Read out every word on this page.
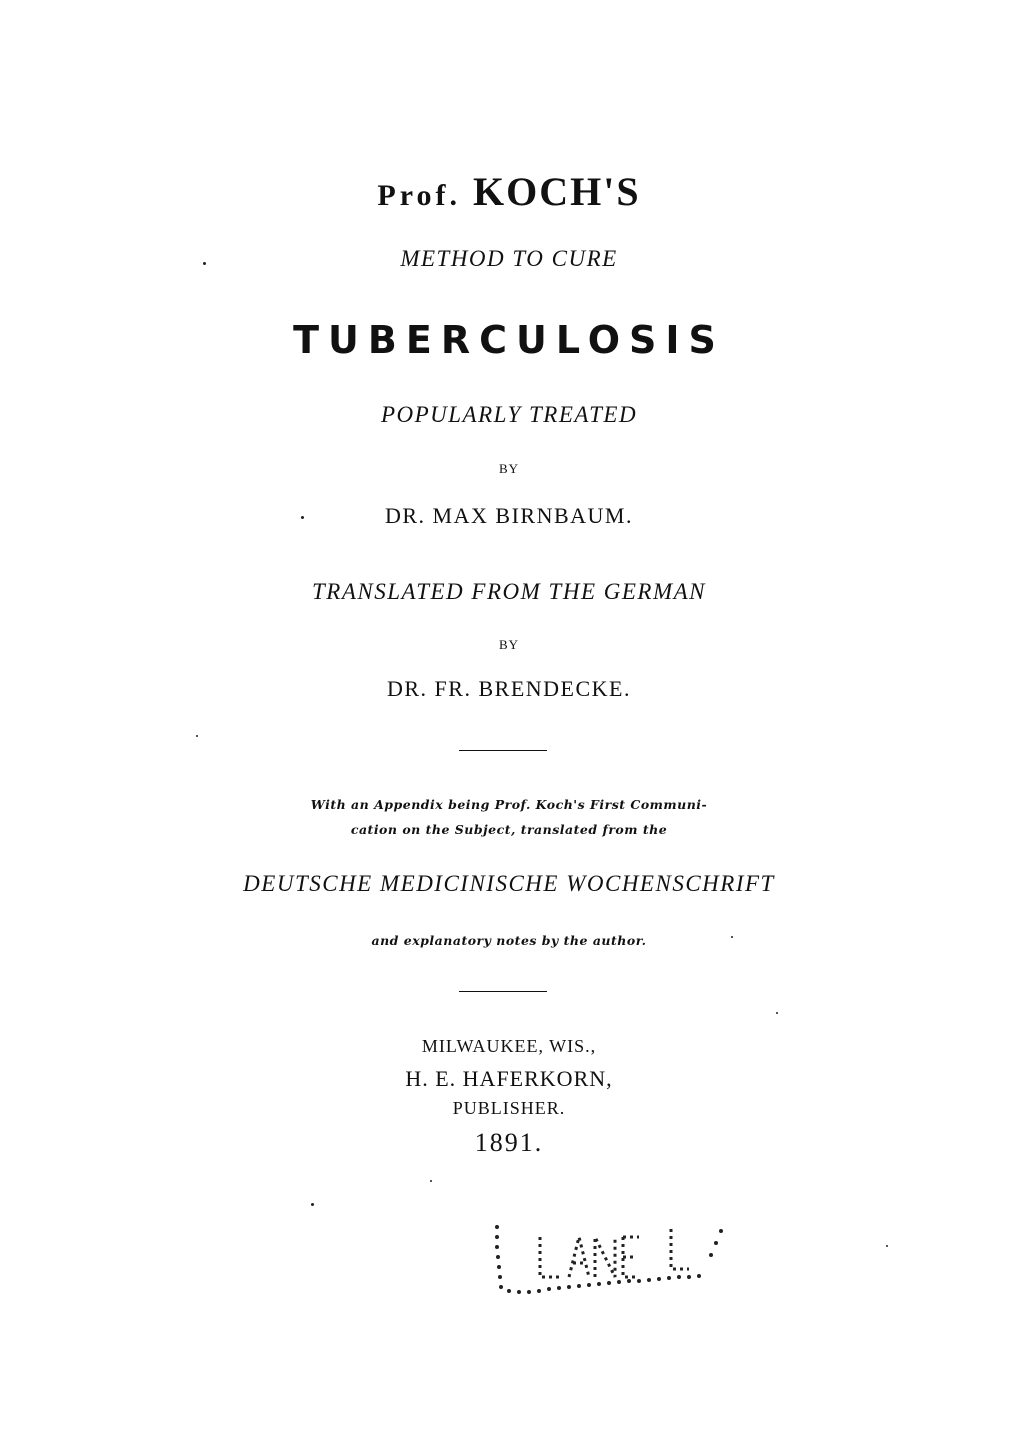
Prof. KOCH'S
METHOD TO CURE
TUBERCULOSIS
POPULARLY TREATED
BY
DR. MAX BIRNBAUM.
TRANSLATED FROM THE GERMAN
BY
DR. FR. BRENDECKE.
With an Appendix being Prof. Koch's First Communi-
cation on the Subject, translated from the
DEUTSCHE MEDICINISCHE WOCHENSCHRIFT
and explanatory notes by the author.
MILWAUKEE, WIS.,
H. E. HAFERKORN,
PUBLISHER.
1891.
